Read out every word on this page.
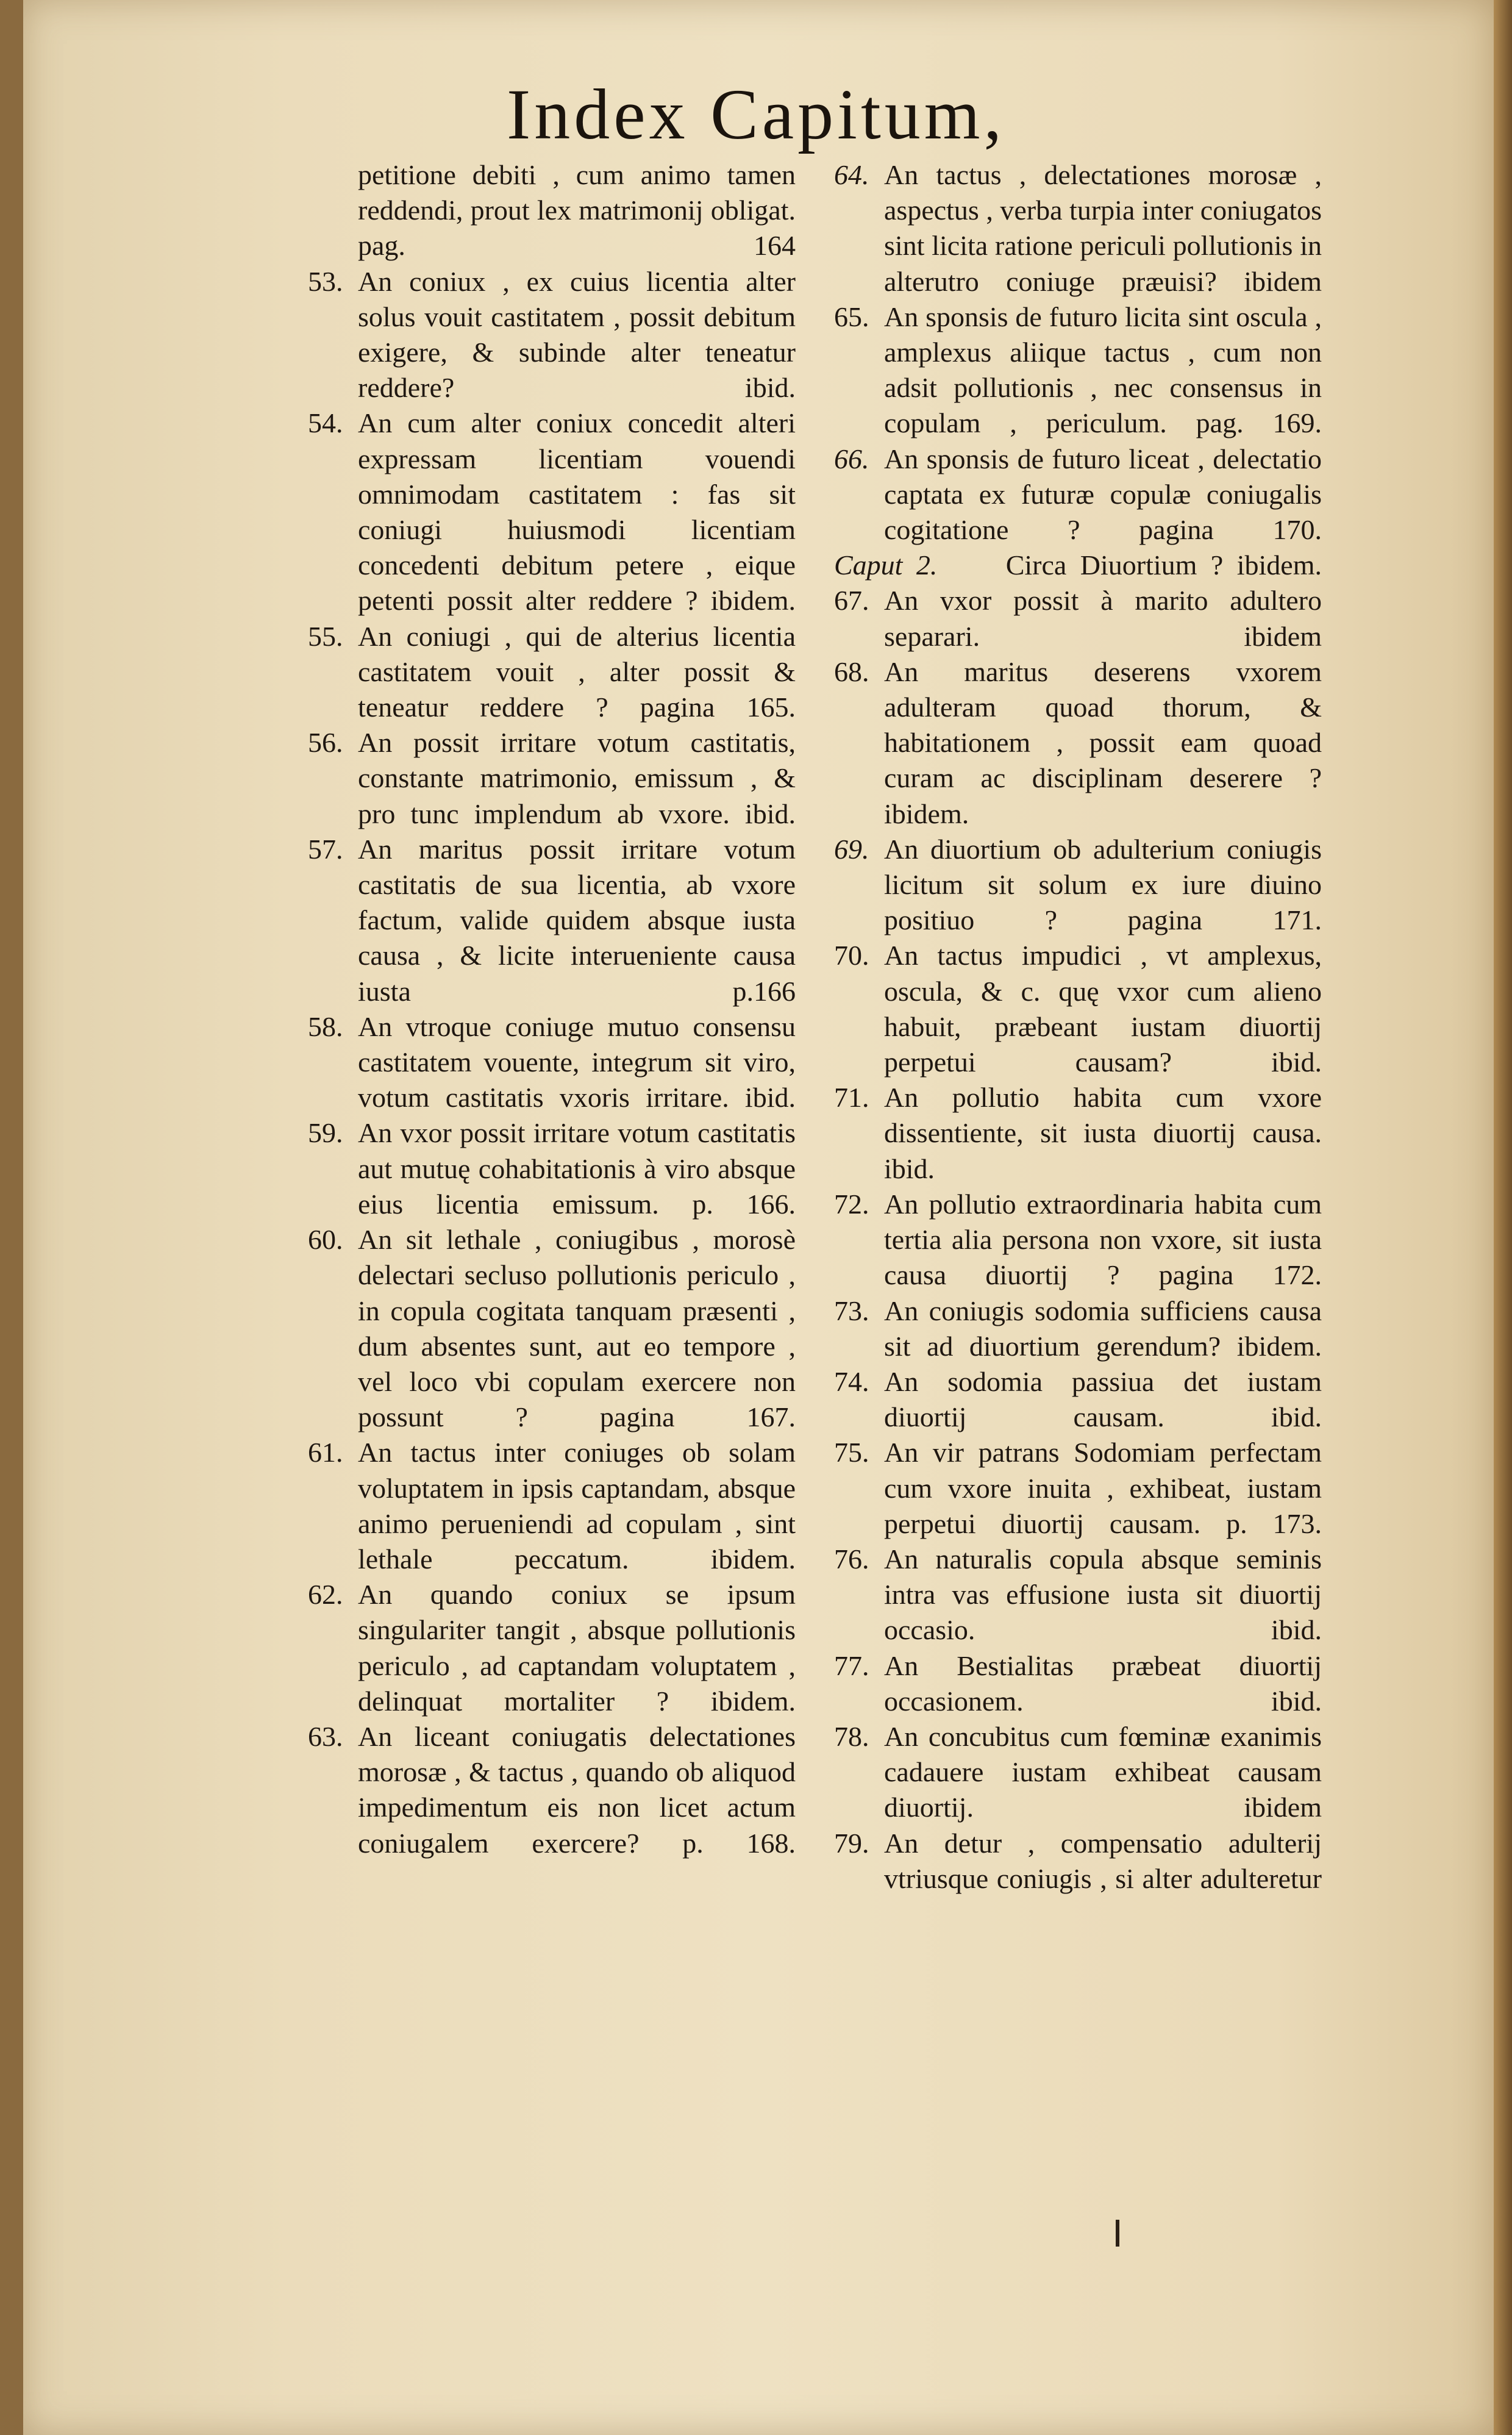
Index Capitum,

petitione debiti , cum animo tamen reddendi, prout lex matrimonij obligat. pag. 164

53. An coniux , ex cuius licentia alter solus vouit castitatem , possit debitum exigere, & subinde alter teneatur reddere? ibid.

54. An cum alter coniux concedit alteri expressam licentiam vouendi omnimodam castitatem : fas sit coniugi huiusmodi licentiam concedenti debitum petere , eique petenti possit alter reddere ? ibidem.

55. An coniugi , qui de alterius licentia castitatem vouit , alter possit & teneatur reddere ? pagina 165.

56. An possit irritare votum castitatis, constante matrimonio, emissum , & pro tunc implendum ab vxore. ibid.

57. An maritus possit irritare votum castitatis de sua licentia, ab vxore factum, valide quidem absque iusta causa , & licite interueniente causa iusta p.166

58. An vtroque coniuge mutuo consensu castitatem vouente, integrum sit viro, votum castitatis vxoris irritare. ibid.

59. An vxor possit irritare votum castitatis aut mutuę cohabitationis à viro absque eius licentia emissum. p. 166.

60. An sit lethale , coniugibus , morosè delectari secluso pollutionis periculo , in copula cogitata tanquam præsenti , dum absentes sunt, aut eo tempore , vel loco vbi copulam exercere non possunt ? pagina 167.

61. An tactus inter coniuges ob solam voluptatem in ipsis captandam, absque animo perueniendi ad copulam , sint lethale peccatum. ibidem.

62. An quando coniux se ipsum singulariter tangit , absque pollutionis periculo , ad captandam voluptatem , delinquat mortaliter ? ibidem.

63. An liceant coniugatis delectationes morosæ , & tactus , quando ob aliquod impedimentum eis non licet actum coniugalem exercere? p. 168.

64. An tactus , delectationes morosæ , aspectus , verba turpia inter coniugatos sint licita ratione periculi pollutionis in alterutro coniuge præuisi? ibidem

65. An sponsis de futuro licita sint oscula , amplexus aliique tactus , cum non adsit pollutionis , nec consensus in copulam , periculum. pag. 169.

66. An sponsis de futuro liceat , delectatio captata ex futuræ copulæ coniugalis cogitatione ? pagina 170.

Caput 2. Circa Diuortium ? ibidem.

67. An vxor possit à marito adultero separari. ibidem

68. An maritus deserens vxorem adulteram quoad thorum, & habitationem , possit eam quoad curam ac disciplinam deserere ? ibidem.

69. An diuortium ob adulterium coniugis licitum sit solum ex iure diuino positiuo ? pagina 171.

70. An tactus impudici , vt amplexus, oscula, & c. quę vxor cum alieno habuit, præbeant iustam diuortij perpetui causam? ibid.

71. An pollutio habita cum vxore dissentiente, sit iusta diuortij causa. ibid.

72. An pollutio extraordinaria habita cum tertia alia persona non vxore, sit iusta causa diuortij ? pagina 172.

73. An coniugis sodomia sufficiens causa sit ad diuortium gerendum? ibidem.

74. An sodomia passiua det iustam diuortij causam. ibid.

75. An vir patrans Sodomiam perfectam cum vxore inuita , exhibeat, iustam perpetui diuortij causam. p. 173.

76. An naturalis copula absque seminis intra vas effusione iusta sit diuortij occasio. ibid.

77. An Bestialitas præbeat diuortij occasionem. ibid.

78. An concubitus cum fœminæ exanimis cadauere iustam exhibeat causam diuortij. ibidem

79. An detur , compensatio adulterij vtriusque coniugis , si alter adulteretur
